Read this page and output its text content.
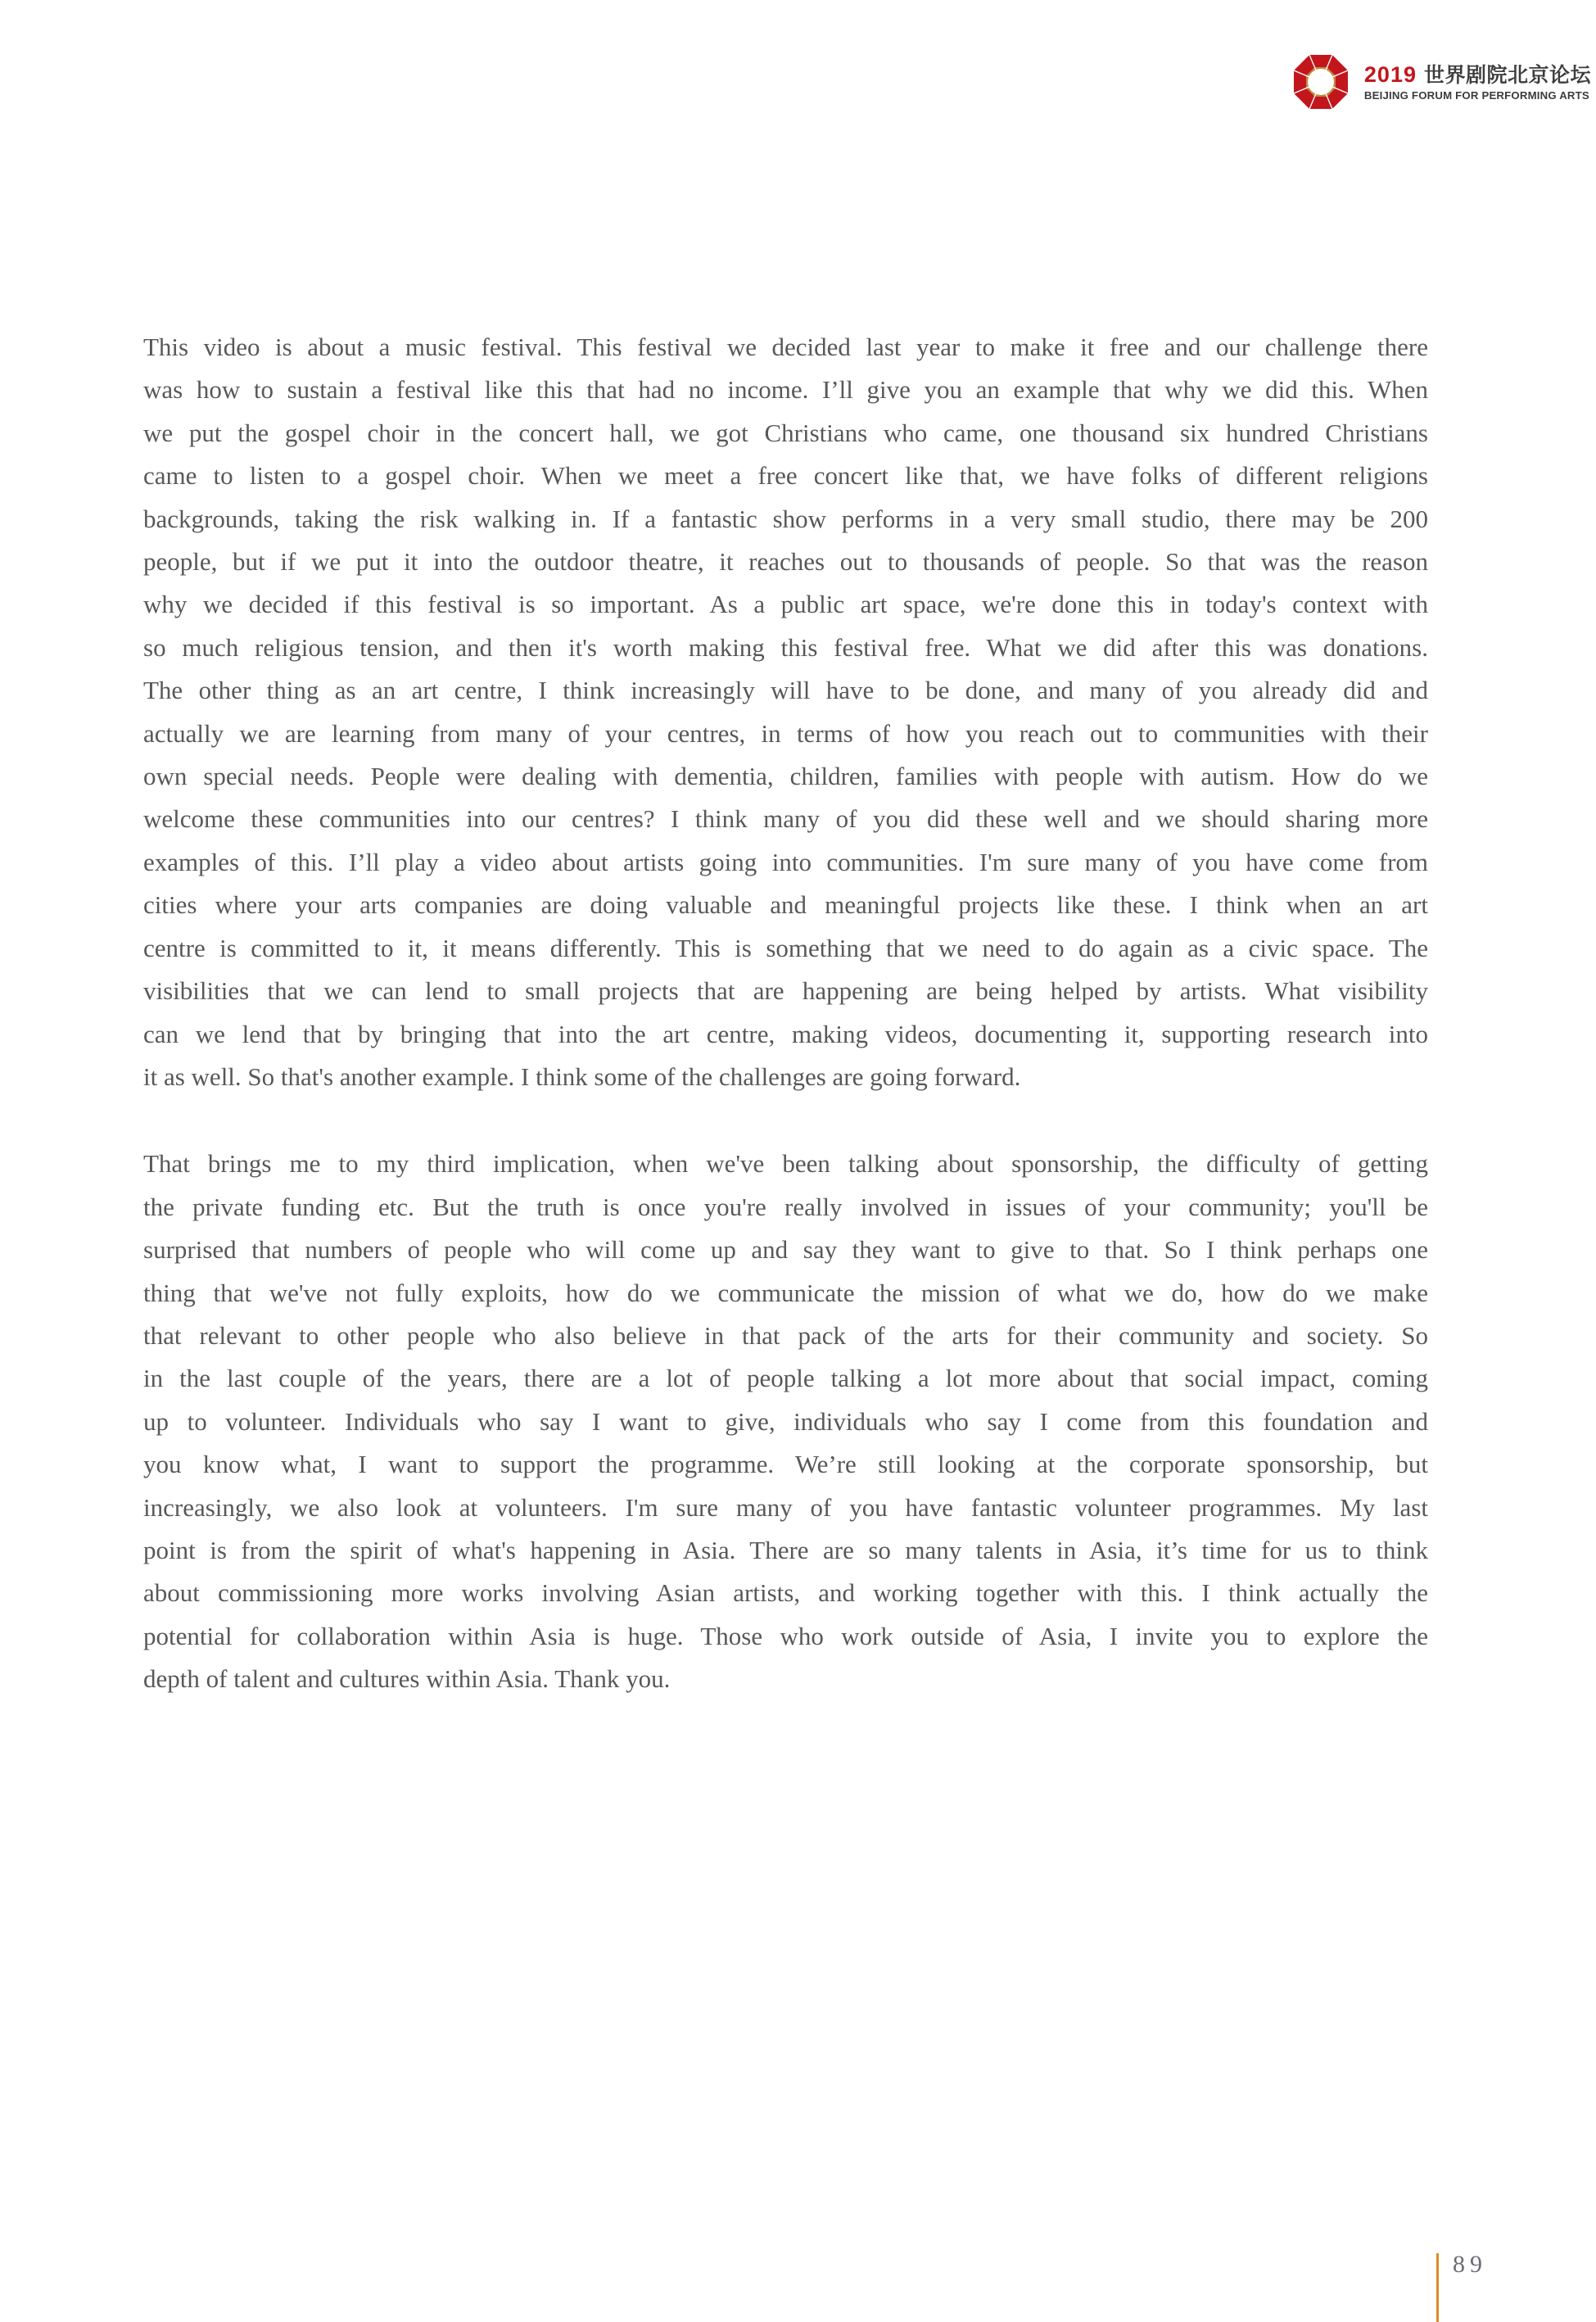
2019 世界剧院北京论坛
BEIJING FORUM FOR PERFORMING ARTS
This video is about a music festival. This festival we decided last year to make it free and our challenge there
was how to sustain a festival like this that had no income. I’ll give you an example that why we did this. When
we put the gospel choir in the concert hall, we got Christians who came, one thousand six hundred Christians
came to listen to a gospel choir. When we meet a free concert like that, we have folks of different religions
backgrounds, taking the risk walking in. If a fantastic show performs in a very small studio, there may be 200
people, but if we put it into the outdoor theatre, it reaches out to thousands of people. So that was the reason
why we decided if this festival is so important. As a public art space, we're done this in today's context with
so much religious tension, and then it's worth making this festival free. What we did after this was donations.
The other thing as an art centre, I think increasingly will have to be done, and many of you already did and
actually we are learning from many of your centres, in terms of how you reach out to communities with their
own special needs. People were dealing with dementia, children, families with people with autism. How do we
welcome these communities into our centres? I think many of you did these well and we should sharing more
examples of this. I’ll play a video about artists going into communities. I'm sure many of you have come from
cities where your arts companies are doing valuable and meaningful projects like these. I think when an art
centre is committed to it, it means differently. This is something that we need to do again as a civic space. The
visibilities that we can lend to small projects that are happening are being helped by artists. What visibility
can we lend that by bringing that into the art centre, making videos, documenting it, supporting research into
it as well. So that's another example. I think some of the challenges are going forward.
That brings me to my third implication, when we've been talking about sponsorship, the difficulty of getting
the private funding etc. But the truth is once you're really involved in issues of your community; you'll be
surprised that numbers of people who will come up and say they want to give to that. So I think perhaps one
thing that we've not fully exploits, how do we communicate the mission of what we do, how do we make
that relevant to other people who also believe in that pack of the arts for their community and society. So
in the last couple of the years, there are a lot of people talking a lot more about that social impact, coming
up to volunteer. Individuals who say I want to give, individuals who say I come from this foundation and
you know what, I want to support the programme. We’re still looking at the corporate sponsorship, but
increasingly, we also look at volunteers. I'm sure many of you have fantastic volunteer programmes. My last
point is from the spirit of what's happening in Asia. There are so many talents in Asia, it’s time for us to think
about commissioning more works involving Asian artists, and working together with this. I think actually the
potential for collaboration within Asia is huge. Those who work outside of Asia, I invite you to explore the
depth of talent and cultures within Asia. Thank you.
89
